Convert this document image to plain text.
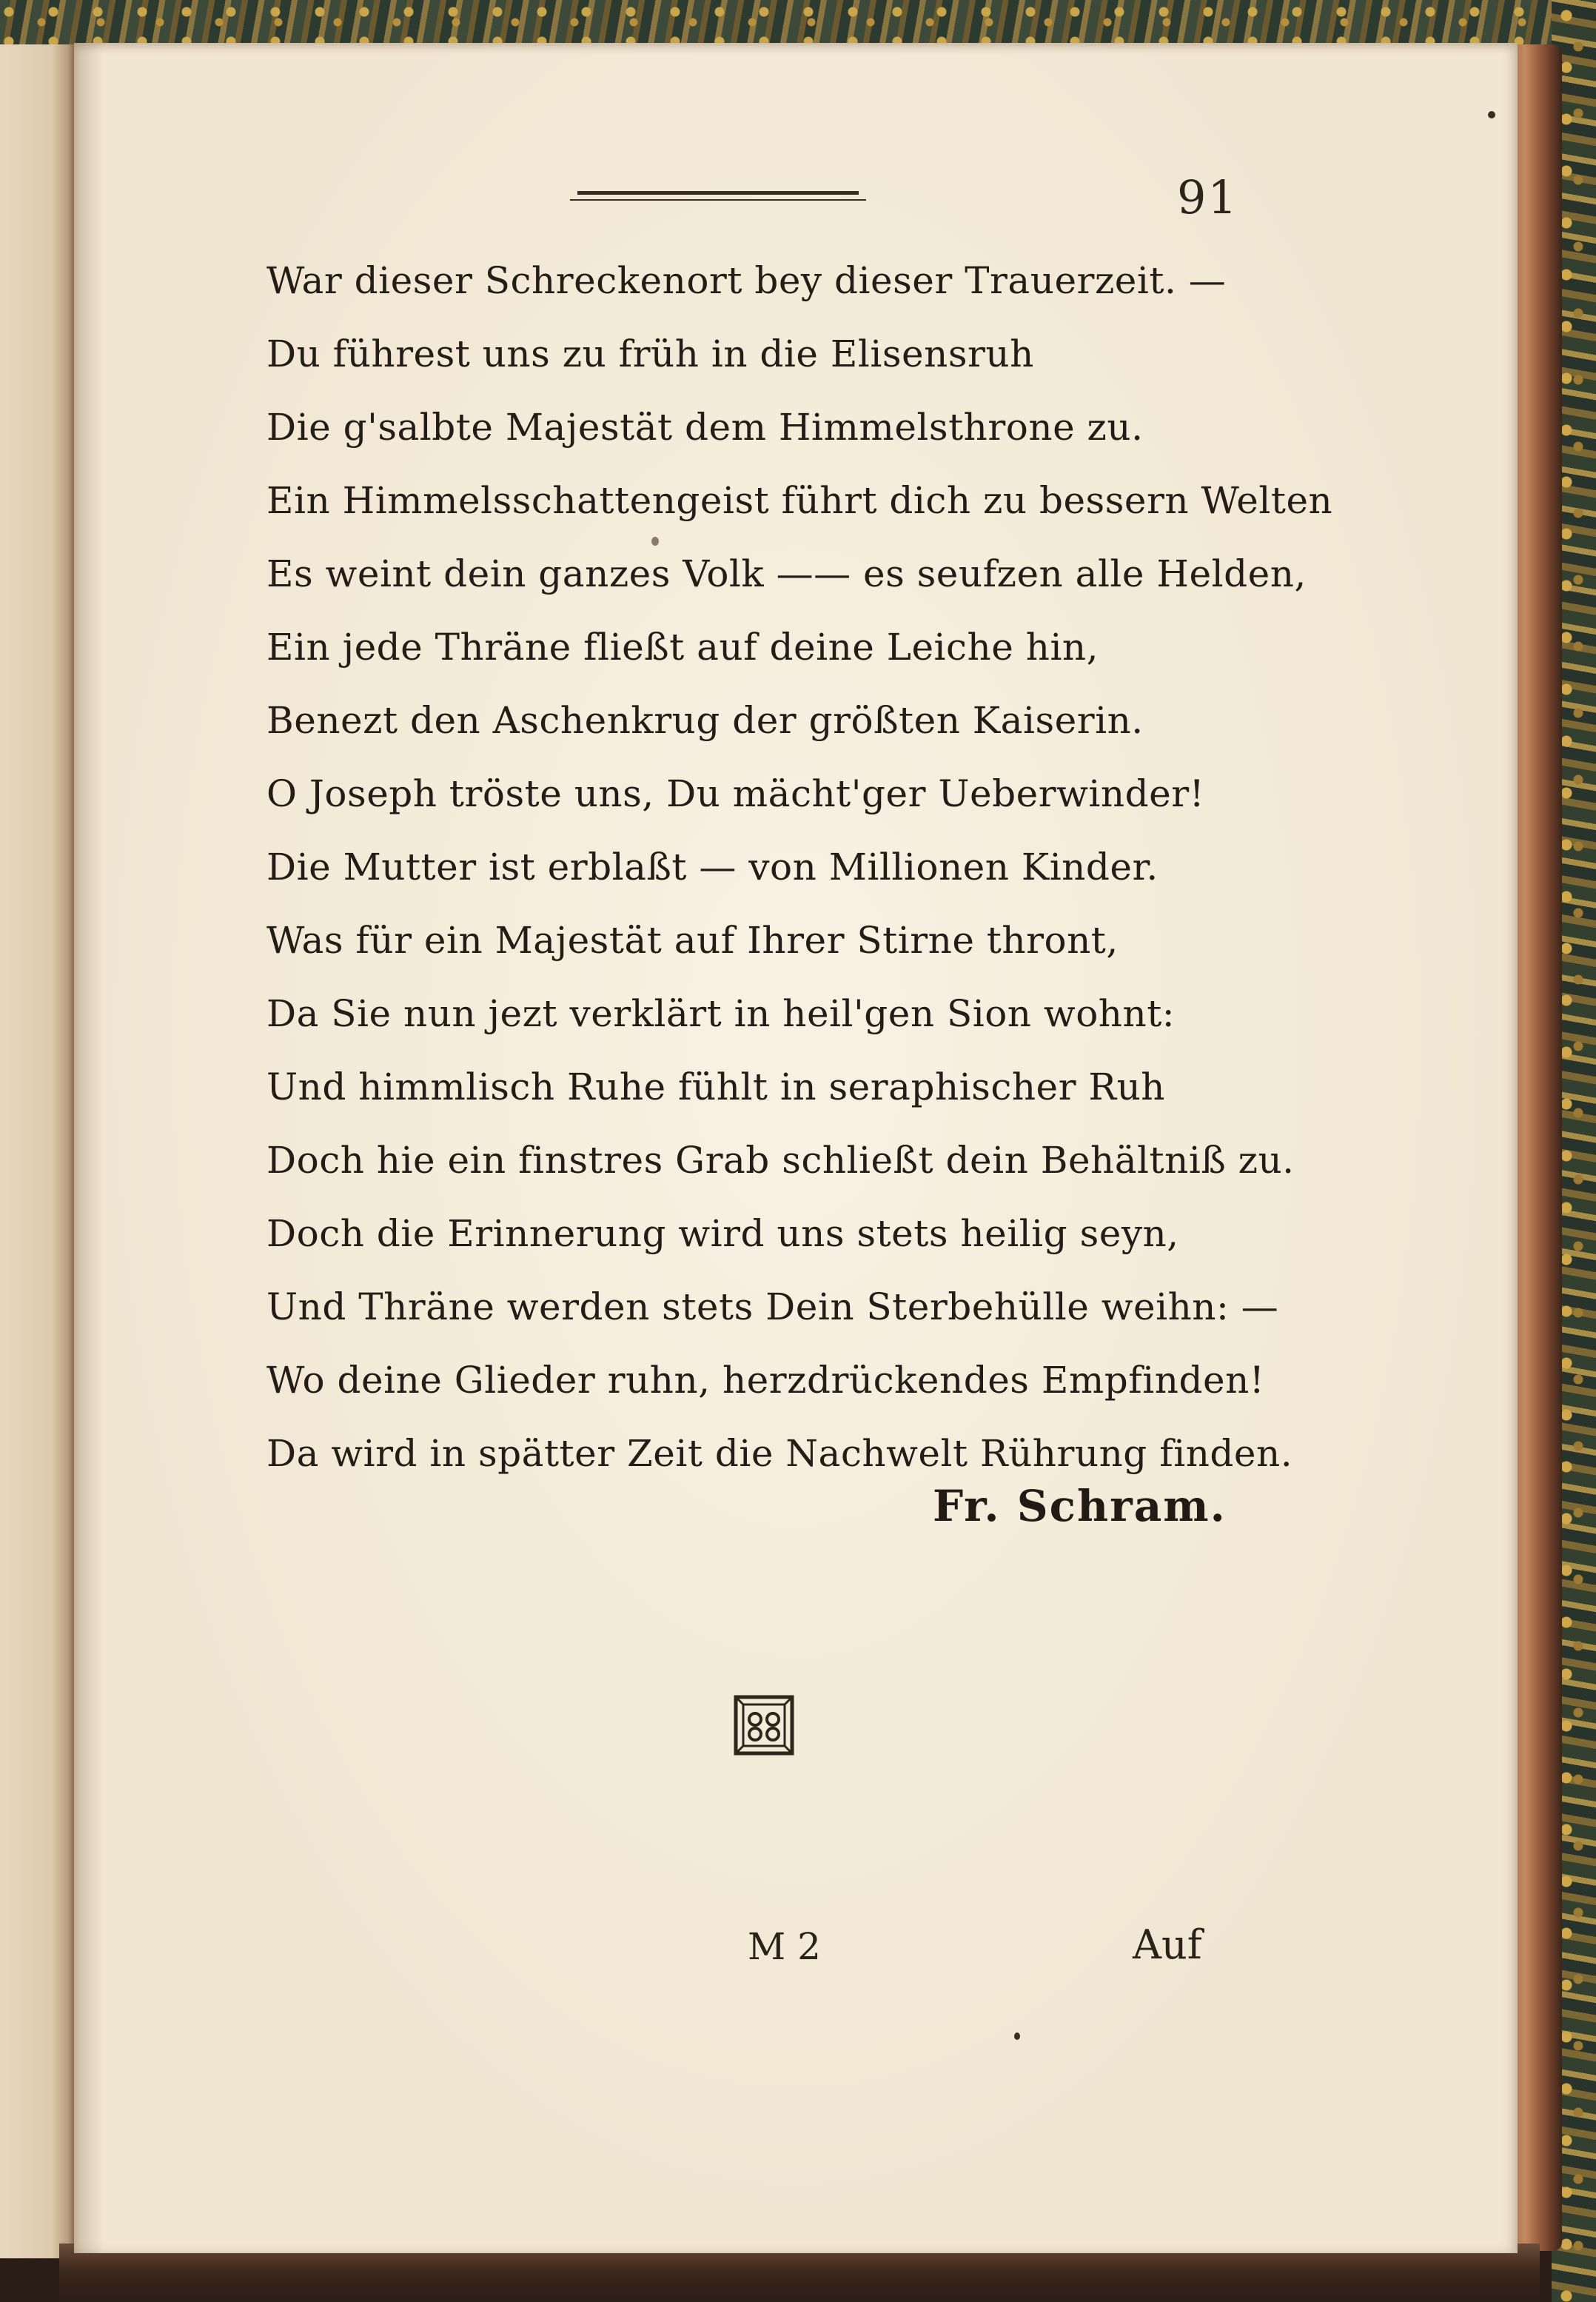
91
War dieser Schreckenort bey dieser Trauerzeit. —
Du führest uns zu früh in die Elisensruh
Die g'salbte Majestät dem Himmelsthrone zu.
Ein Himmelsschattengeist führt dich zu bessern Welten
Es weint dein ganzes Volk —— es seufzen alle Helden,
Ein jede Thräne fließt auf deine Leiche hin,
Benezt den Aschenkrug der größten Kaiserin.
O Joseph tröste uns, Du mächt'ger Ueberwinder!
Die Mutter ist erblaßt — von Millionen Kinder.
Was für ein Majestät auf Ihrer Stirne thront,
Da Sie nun jezt verklärt in heil'gen Sion wohnt:
Und himmlisch Ruhe fühlt in seraphischer Ruh
Doch hie ein finstres Grab schließt dein Behältniß zu.
Doch die Erinnerung wird uns stets heilig seyn,
Und Thräne werden stets Dein Sterbehülle weihn: —
Wo deine Glieder ruhn, herzdrückendes Empfinden!
Da wird in spätter Zeit die Nachwelt Rührung finden.
Fr. Schram.
M 2	Auf
